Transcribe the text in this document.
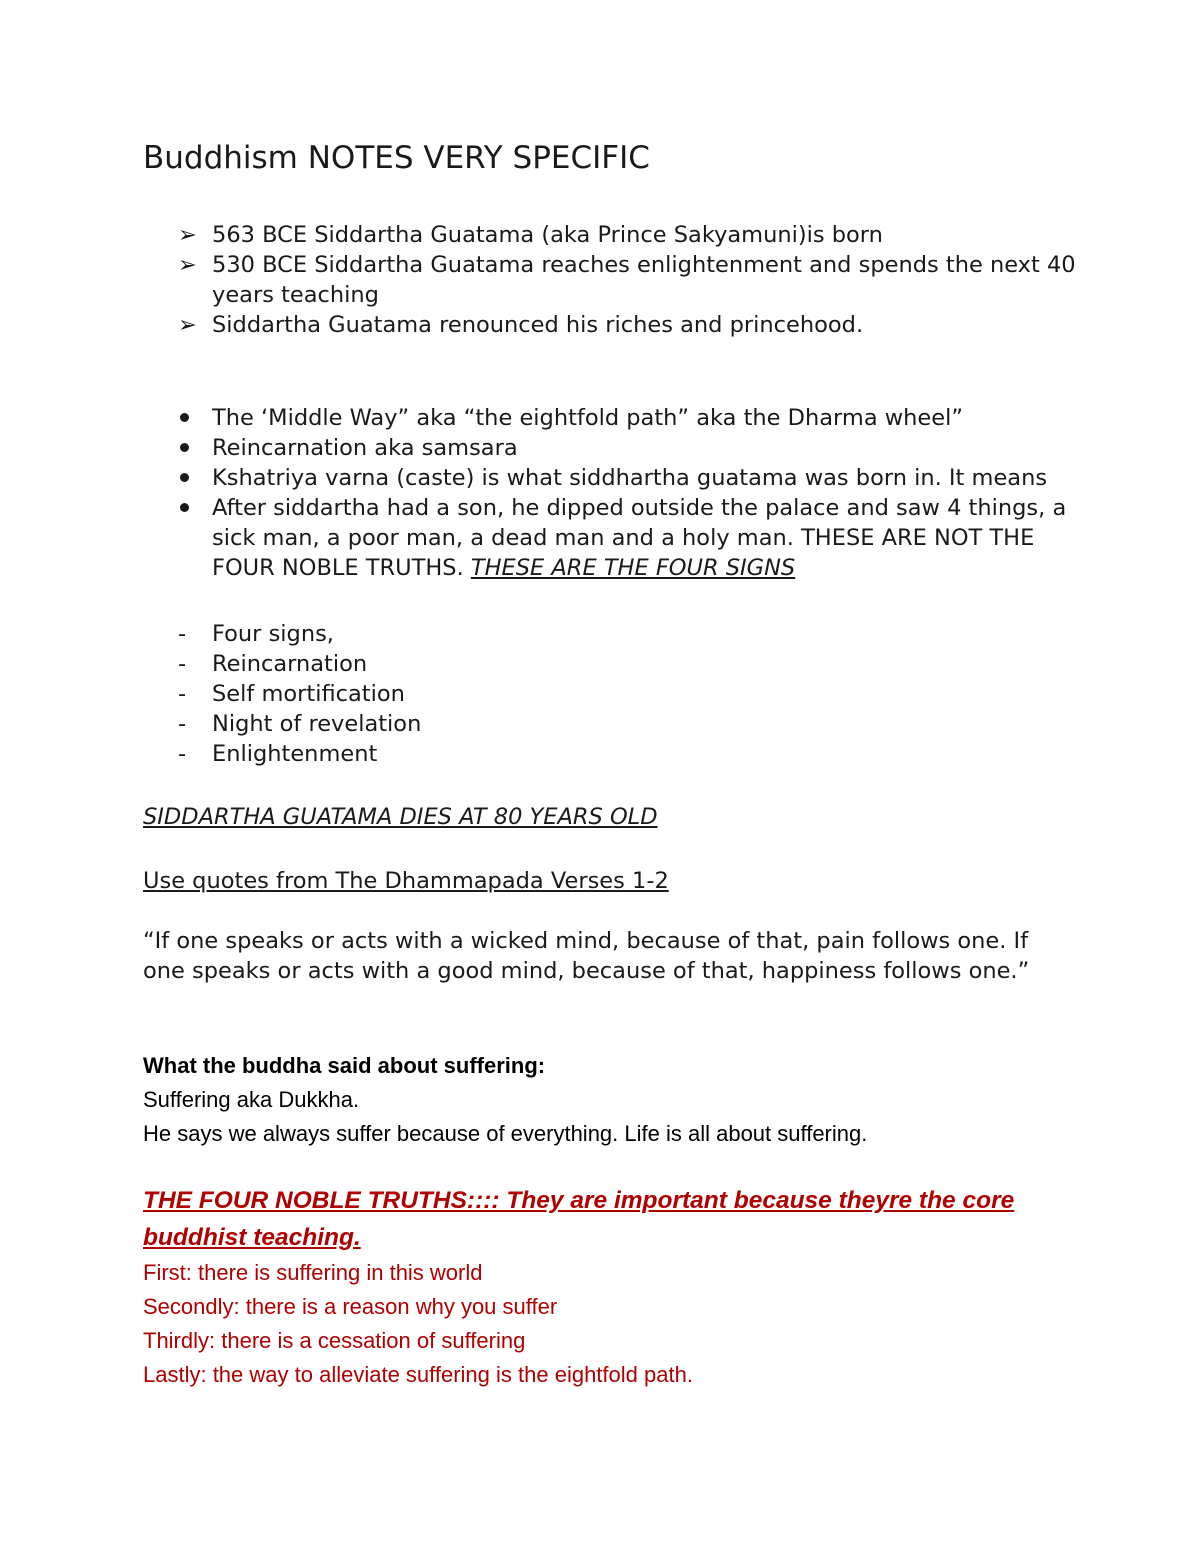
Buddhism NOTES VERY SPECIFIC
➢ 563 BCE Siddartha Guatama (aka Prince Sakyamuni)is born
➢ 530 BCE Siddartha Guatama reaches enlightenment and spends the next 40 years teaching
➢ Siddartha Guatama renounced his riches and princehood.
The ‘Middle Way” aka “the eightfold path” aka the Dharma wheel”
Reincarnation aka samsara
Kshatriya varna (caste) is what siddhartha guatama was born in. It means
After siddartha had a son, he dipped outside the palace and saw 4 things, a sick man, a poor man, a dead man and a holy man. THESE ARE NOT THE FOUR NOBLE TRUTHS. THESE ARE THE FOUR SIGNS
- Four signs,
- Reincarnation
- Self mortification
- Night of revelation
- Enlightenment

SIDDARTHA GUATAMA DIES AT 80 YEARS OLD

Use quotes from The Dhammapada Verses 1-2

“If one speaks or acts with a wicked mind, because of that, pain follows one. If one speaks or acts with a good mind, because of that, happiness follows one.”

What the buddha said about suffering:

Suffering aka Dukkha.
He says we always suffer because of everything. Life is all about suffering.

THE FOUR NOBLE TRUTHS:::: They are important because theyre the core buddhist teaching.

First: there is suffering in this world
Secondly: there is a reason why you suffer
Thirdly: there is a cessation of suffering
Lastly: the way to alleviate suffering is the eightfold path.
